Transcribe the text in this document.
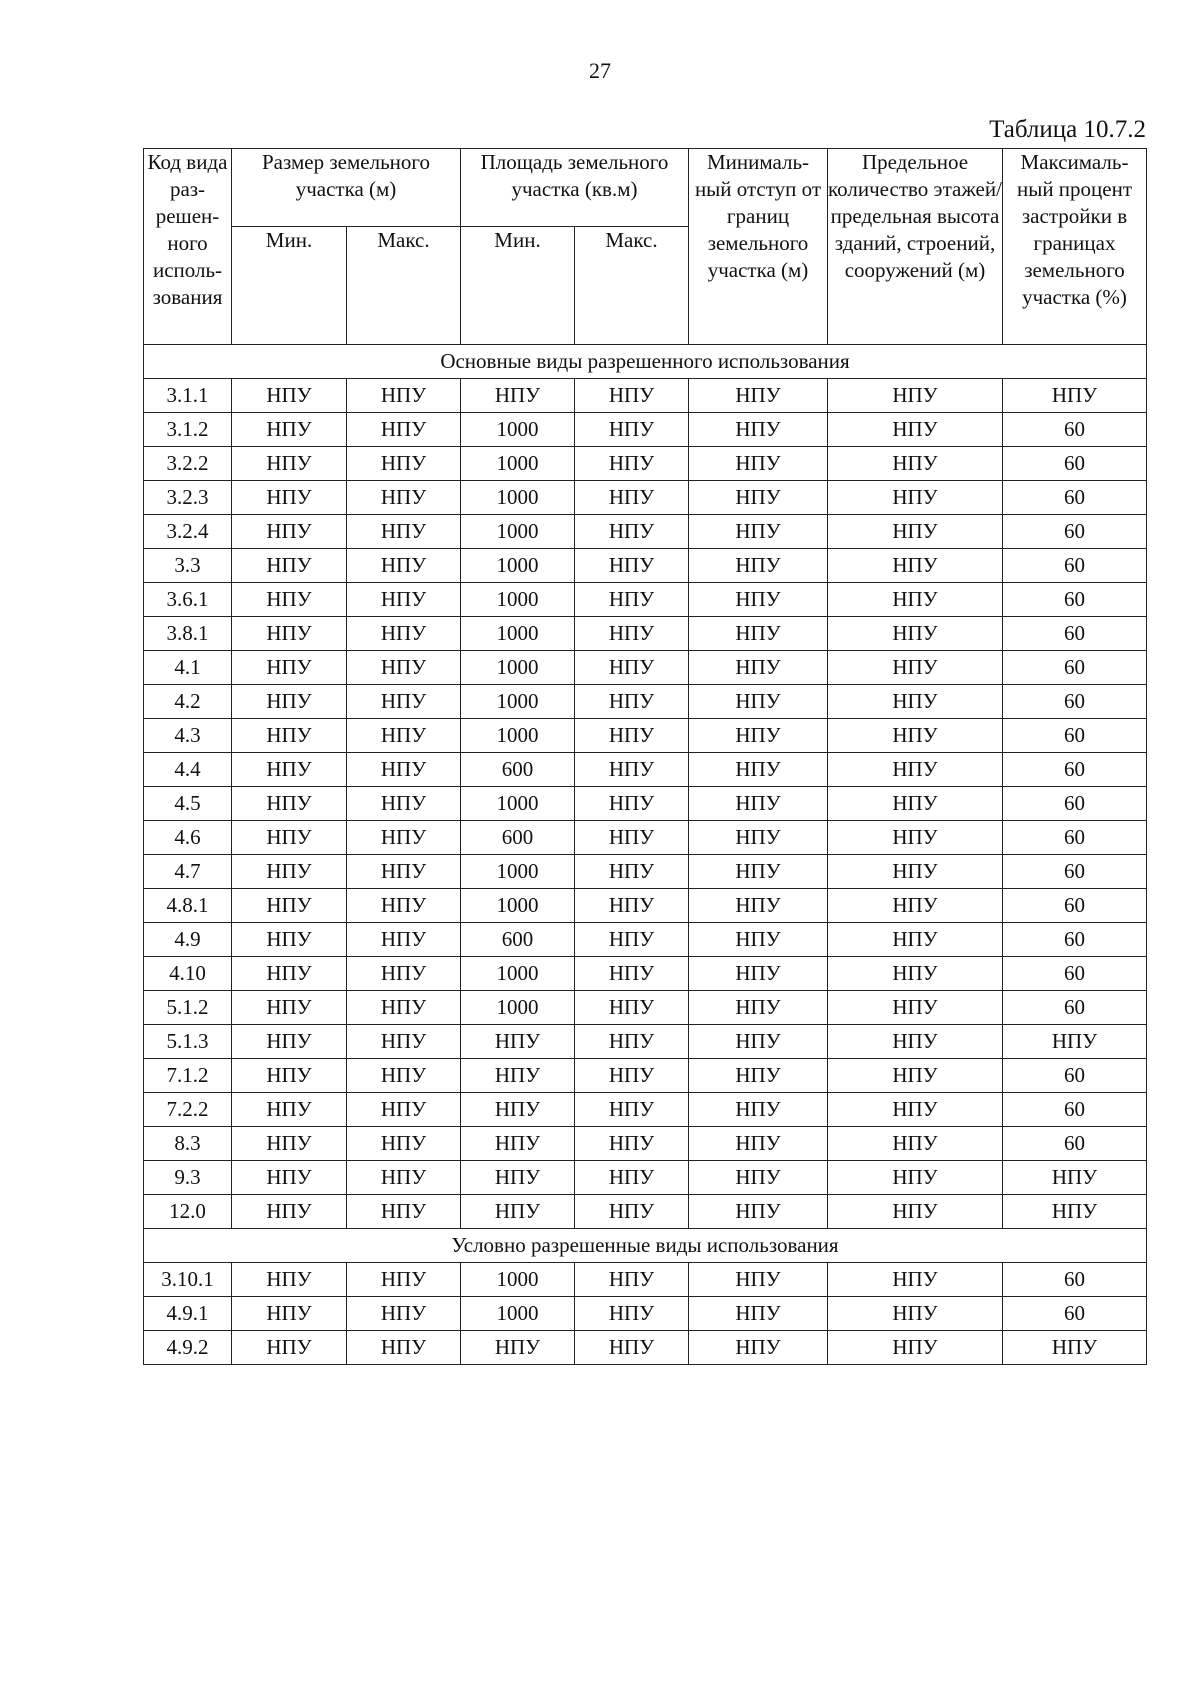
27
Таблица 10.7.2
Код вида раз-решен-ного исполь-зования	Размер земельного участка (м)		Площадь земельного участка (кв.м)		Минималь-ный отступ от границ земельного участка (м)	Предельное количество этажей/ предельная высота зданий, строений, сооружений (м)	Максималь-ный процент застройки в границах земельного участка (%)
	Мин.	Макс.	Мин.	Макс.			
Основные виды разрешенного использования							
3.1.1	НПУ	НПУ	НПУ	НПУ	НПУ	НПУ	НПУ
3.1.2	НПУ	НПУ	1000	НПУ	НПУ	НПУ	60
3.2.2	НПУ	НПУ	1000	НПУ	НПУ	НПУ	60
3.2.3	НПУ	НПУ	1000	НПУ	НПУ	НПУ	60
3.2.4	НПУ	НПУ	1000	НПУ	НПУ	НПУ	60
3.3	НПУ	НПУ	1000	НПУ	НПУ	НПУ	60
3.6.1	НПУ	НПУ	1000	НПУ	НПУ	НПУ	60
3.8.1	НПУ	НПУ	1000	НПУ	НПУ	НПУ	60
4.1	НПУ	НПУ	1000	НПУ	НПУ	НПУ	60
4.2	НПУ	НПУ	1000	НПУ	НПУ	НПУ	60
4.3	НПУ	НПУ	1000	НПУ	НПУ	НПУ	60
4.4	НПУ	НПУ	600	НПУ	НПУ	НПУ	60
4.5	НПУ	НПУ	1000	НПУ	НПУ	НПУ	60
4.6	НПУ	НПУ	600	НПУ	НПУ	НПУ	60
4.7	НПУ	НПУ	1000	НПУ	НПУ	НПУ	60
4.8.1	НПУ	НПУ	1000	НПУ	НПУ	НПУ	60
4.9	НПУ	НПУ	600	НПУ	НПУ	НПУ	60
4.10	НПУ	НПУ	1000	НПУ	НПУ	НПУ	60
5.1.2	НПУ	НПУ	1000	НПУ	НПУ	НПУ	60
5.1.3	НПУ	НПУ	НПУ	НПУ	НПУ	НПУ	НПУ
7.1.2	НПУ	НПУ	НПУ	НПУ	НПУ	НПУ	60
7.2.2	НПУ	НПУ	НПУ	НПУ	НПУ	НПУ	60
8.3	НПУ	НПУ	НПУ	НПУ	НПУ	НПУ	60
9.3	НПУ	НПУ	НПУ	НПУ	НПУ	НПУ	НПУ
12.0	НПУ	НПУ	НПУ	НПУ	НПУ	НПУ	НПУ
Условно разрешенные виды использования							
3.10.1	НПУ	НПУ	1000	НПУ	НПУ	НПУ	60
4.9.1	НПУ	НПУ	1000	НПУ	НПУ	НПУ	60
4.9.2	НПУ	НПУ	НПУ	НПУ	НПУ	НПУ	НПУ
